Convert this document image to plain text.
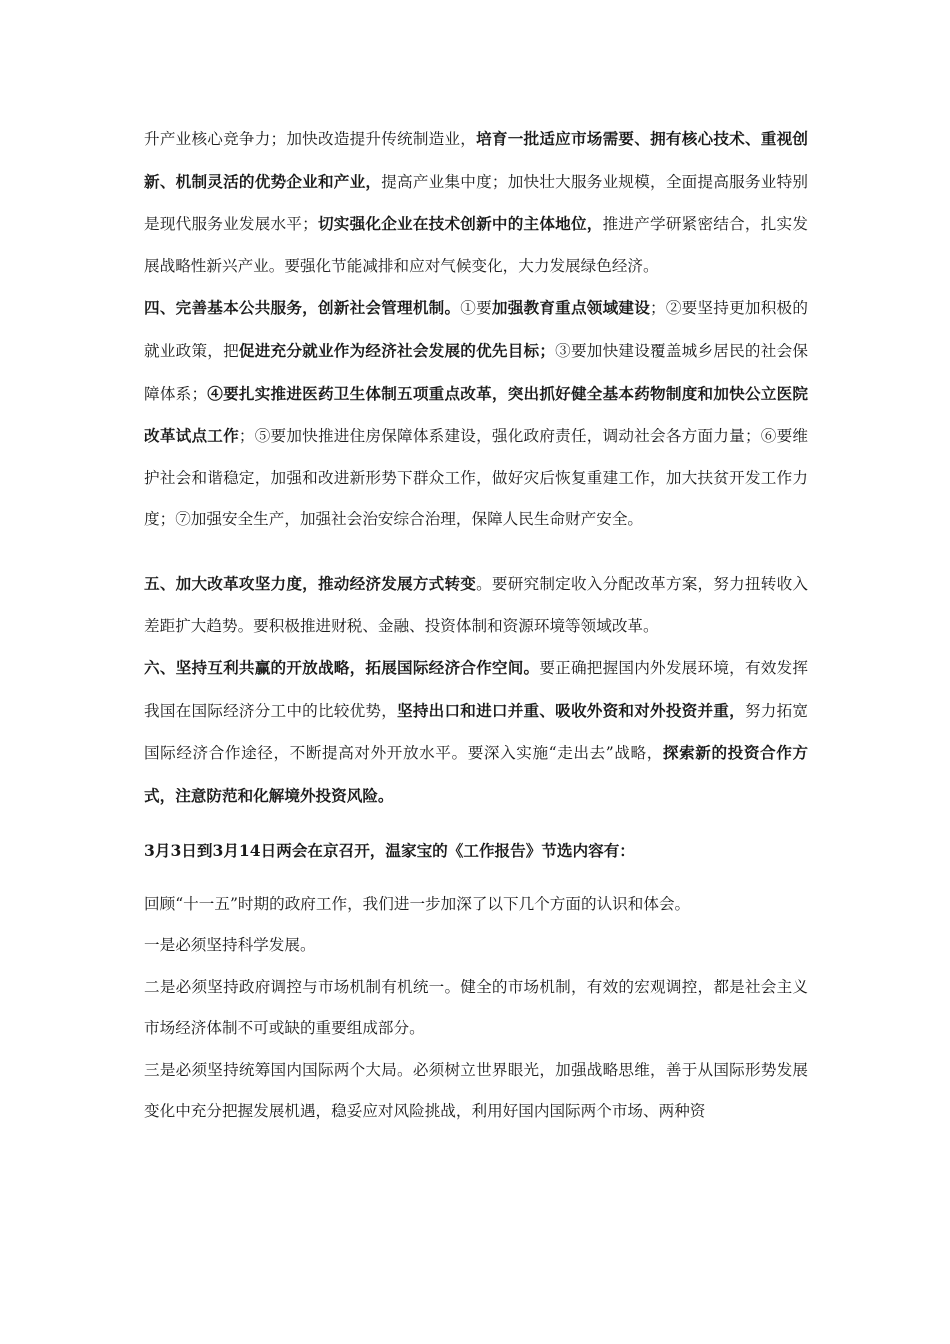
升产业核心竞争力；加快改造提升传统制造业，培育一批适应市场需要、拥有核心技术、重视创新、机制灵活的优势企业和产业，提高产业集中度；加快壮大服务业规模，全面提高服务业特别是现代服务业发展水平；切实强化企业在技术创新中的主体地位，推进产学研紧密结合，扎实发展战略性新兴产业。要强化节能减排和应对气候变化，大力发展绿色经济。

四、完善基本公共服务，创新社会管理机制。①要加强教育重点领域建设；②要坚持更加积极的就业政策，把促进充分就业作为经济社会发展的优先目标；③要加快建设覆盖城乡居民的社会保障体系；④要扎实推进医药卫生体制五项重点改革，突出抓好健全基本药物制度和加快公立医院改革试点工作；⑤要加快推进住房保障体系建设，强化政府责任，调动社会各方面力量；⑥要维护社会和谐稳定，加强和改进新形势下群众工作，做好灾后恢复重建工作，加大扶贫开发工作力度；⑦加强安全生产，加强社会治安综合治理，保障人民生命财产安全。

五、加大改革攻坚力度，推动经济发展方式转变。要研究制定收入分配改革方案，努力扭转收入差距扩大趋势。要积极推进财税、金融、投资体制和资源环境等领域改革。

六、坚持互利共赢的开放战略，拓展国际经济合作空间。要正确把握国内外发展环境，有效发挥我国在国际经济分工中的比较优势，坚持出口和进口并重、吸收外资和对外投资并重，努力拓宽国际经济合作途径，不断提高对外开放水平。要深入实施“走出去”战略，探索新的投资合作方式，注意防范和化解境外投资风险。

3月3日到3月14日两会在京召开，温家宝的《工作报告》节选内容有：

回顾“十一五”时期的政府工作，我们进一步加深了以下几个方面的认识和体会。

一是必须坚持科学发展。

二是必须坚持政府调控与市场机制有机统一。健全的市场机制，有效的宏观调控，都是社会主义市场经济体制不可或缺的重要组成部分。

三是必须坚持统筹国内国际两个大局。必须树立世界眼光，加强战略思维，善于从国际形势发展变化中充分把握发展机遇，稳妥应对风险挑战，利用好国内国际两个市场、两种资
